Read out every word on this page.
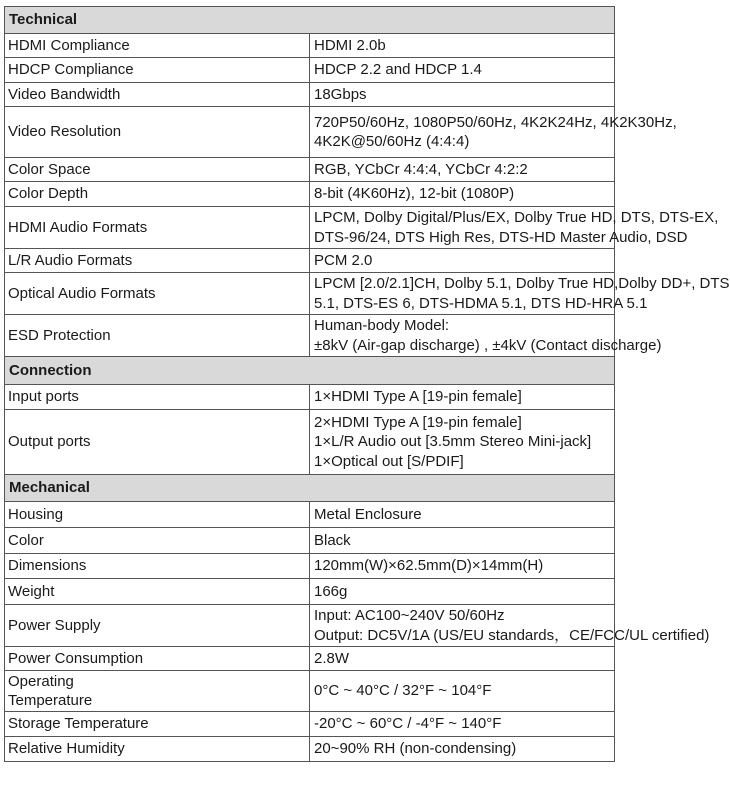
Technical	
HDMI Compliance	HDMI 2.0b

HDCP Compliance	HDCP 2.2 and HDCP 1.4

Video Bandwidth	18Gbps

Video Resolution	720P50/60Hz, 1080P50/60Hz, 4K2K24Hz, 4K2K30Hz,
4K2K@50/60Hz (4:4:4)

Color Space	RGB, YCbCr 4:4:4, YCbCr 4:2:2

Color Depth	8-bit (4K60Hz), 12-bit (1080P)

HDMI Audio Formats	LPCM, Dolby Digital/Plus/EX, Dolby True HD, DTS, DTS-EX,
DTS-96/24, DTS High Res, DTS-HD Master Audio, DSD

L/R Audio Formats	PCM 2.0

Optical Audio Formats	LPCM [2.0/2.1]CH, Dolby 5.1, Dolby True HD,Dolby DD+, DTS
5.1, DTS-ES 6, DTS-HDMA 5.1, DTS HD-HRA 5.1

ESD Protection	Human-body Model:
±8kV (Air-gap discharge) , ±4kV (Contact discharge)

Connection	
Input ports	1×HDMI Type A [19-pin female]

Output ports	2×HDMI Type A [19-pin female]
1×L/R Audio out [3.5mm Stereo Mini-jack]
1×Optical out [S/PDIF]

Mechanical	
Housing	Metal Enclosure

Color	Black

Dimensions	120mm(W)×62.5mm(D)×14mm(H)

Weight	166g

Power Supply	Input: AC100~240V 50/60Hz
Output: DC5V/1A (US/EU standards，CE/FCC/UL certified)

Power Consumption	2.8W

Operating
Temperature	0°C ~ 40°C / 32°F ~ 104°F

Storage Temperature	-20°C ~ 60°C / -4°F ~ 140°F

Relative Humidity	20~90% RH (non-condensing)
